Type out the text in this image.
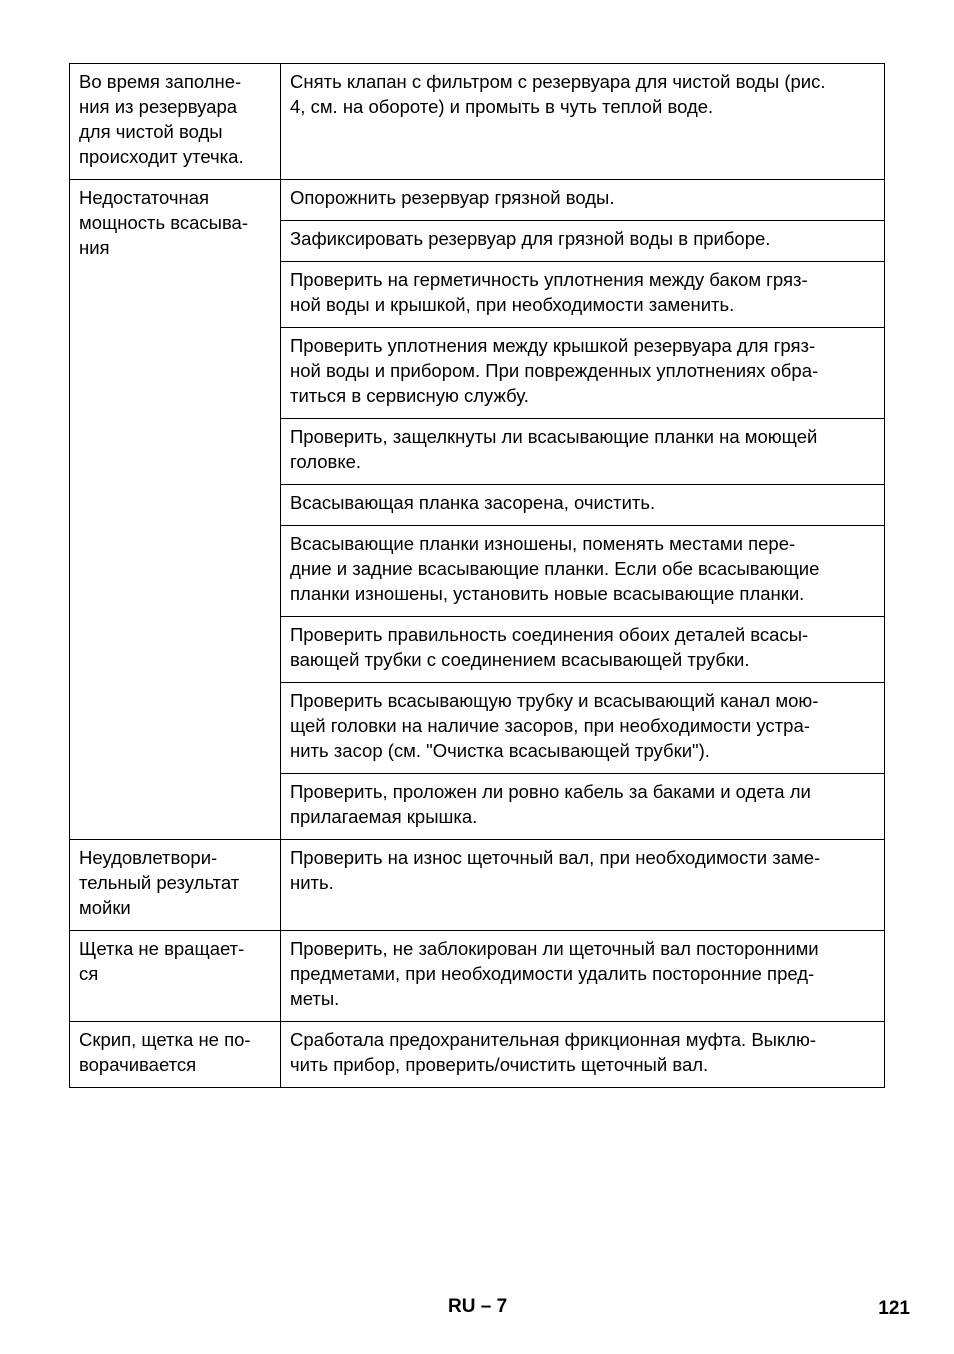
Во время заполне-
ния из резервуара
для чистой воды
происходит утечка.	Снять клапан с фильтром с резервуара для чистой воды (рис.
4, см. на обороте) и промыть в чуть теплой воде.

Недостаточная
мощность всасыва-
ния	Опорожнить резервуар грязной воды.
	Зафиксировать резервуар для грязной воды в приборе.
	Проверить на герметичность уплотнения между баком гряз-
ной воды и крышкой, при необходимости заменить.
	Проверить уплотнения между крышкой резервуара для гряз-
ной воды и прибором. При поврежденных уплотнениях обра-
титься в сервисную службу.
	Проверить, защелкнуты ли всасывающие планки на моющей
головке.
	Всасывающая планка засорена, очистить.
	Всасывающие планки изношены, поменять местами пере-
дние и задние всасывающие планки. Если обе всасывающие
планки изношены, установить новые всасывающие планки.
	Проверить правильность соединения обоих деталей всасы-
вающей трубки с соединением всасывающей трубки.
	Проверить всасывающую трубку и всасывающий канал мою-
щей головки на наличие засоров, при необходимости устра-
нить засор (см. "Очистка всасывающей трубки").
	Проверить, проложен ли ровно кабель за баками и одета ли
прилагаемая крышка.
Неудовлетвори-
тельный результат
мойки	Проверить на износ щеточный вал, при необходимости заме-
нить.

Щетка не вращает-
ся	Проверить, не заблокирован ли щеточный вал посторонними
предметами, при необходимости удалить посторонние пред-
меты.
Скрип, щетка не по-
ворачивается	Сработала предохранительная фрикционная муфта. Выклю-
чить прибор, проверить/очистить щеточный вал.
RU – 7	121
